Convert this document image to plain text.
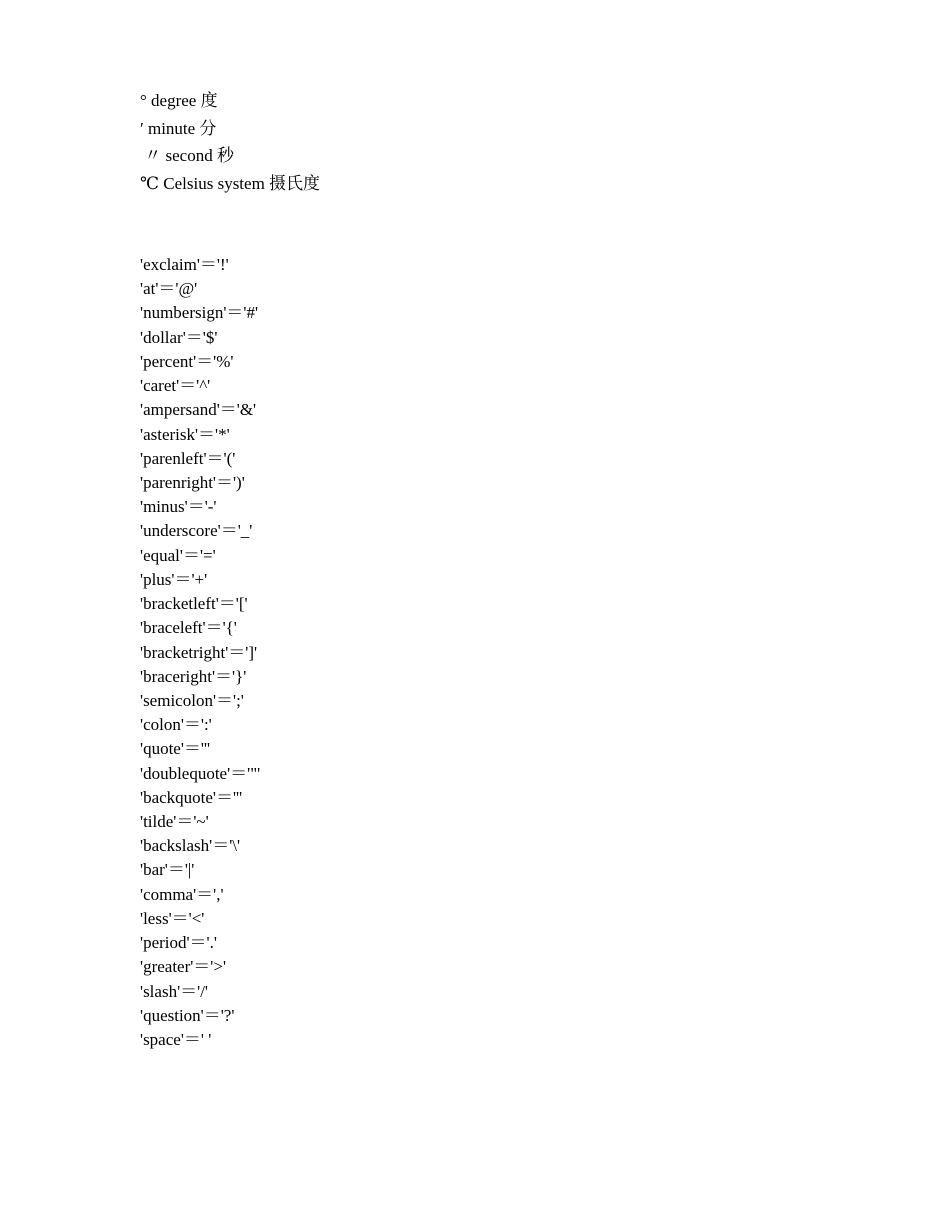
° degree 度
′ minute 分
〃 second 秒
℃ Celsius system 摄氏度
'exclaim'＝'!'
'at'＝'@'
'numbersign'＝'#'
'dollar'＝'$'
'percent'＝'%'
'caret'＝'^'
'ampersand'＝'&'
'asterisk'＝'*'
'parenleft'＝'('
'parenright'＝')'
'minus'＝'-'
'underscore'＝'_'
'equal'＝'='
'plus'＝'+'
'bracketleft'＝'['
'braceleft'＝'{'
'bracketright'＝']'
'braceright'＝'}'
'semicolon'＝';'
'colon'＝':'
'quote'＝'''
'doublequote'＝'"'
'backquote'＝'''
'tilde'＝'~'
'backslash'＝'\'
'bar'＝'|'
'comma'＝','
'less'＝'<'
'period'＝'.'
'greater'＝'>'
'slash'＝'/'
'question'＝'?'
'space'＝' '
